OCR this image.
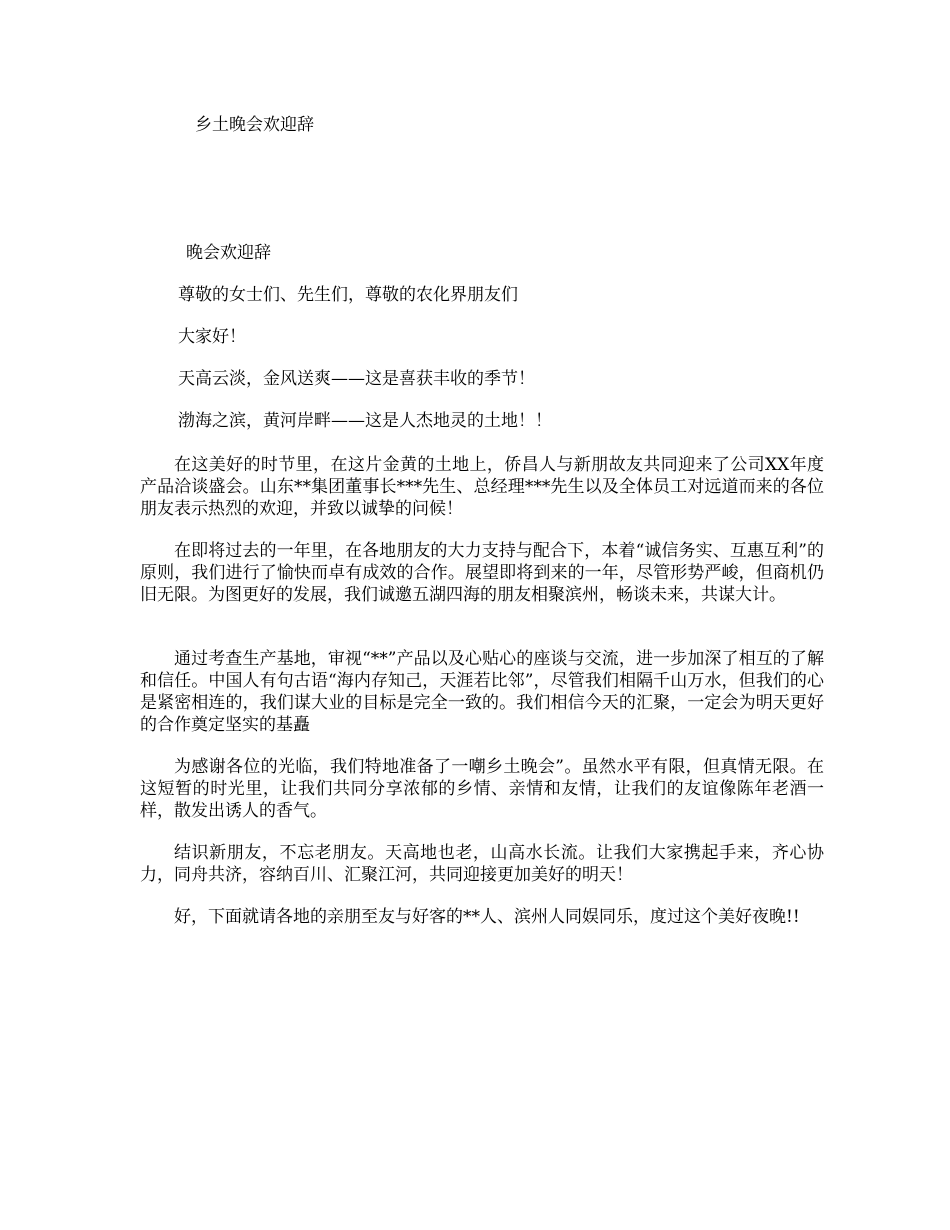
乡土晚会欢迎辞
晚会欢迎辞
尊敬的女士们、先生们，尊敬的农化界朋友们
大家好！
天高云淡，金风送爽——这是喜获丰收的季节！
渤海之滨，黄河岸畔——这是人杰地灵的土地！！
在这美好的时节里，在这片金黄的土地上，侨昌人与新朋故友共同迎来了公司XX年度产品洽谈盛会。山东**集团董事长***先生、总经理***先生以及全体员工对远道而来的各位朋友表示热烈的欢迎，并致以诚挚的问候！
在即将过去的一年里，在各地朋友的大力支持与配合下，本着“诚信务实、互惠互利”的原则，我们进行了愉快而卓有成效的合作。展望即将到来的一年，尽管形势严峻，但商机仍旧无限。为图更好的发展，我们诚邀五湖四海的朋友相聚滨州，畅谈未来，共谋大计。
通过考查生产基地，审视“**”产品以及心贴心的座谈与交流，进一步加深了相互的了解和信任。中国人有句古语“海内存知己，天涯若比邻”，尽管我们相隔千山万水，但我们的心是紧密相连的，我们谋大业的目标是完全一致的。我们相信今天的汇聚，一定会为明天更好的合作奠定坚实的基矗
为感谢各位的光临，我们特地准备了一嘲乡土晚会”。虽然水平有限，但真情无限。在这短暂的时光里，让我们共同分享浓郁的乡情、亲情和友情，让我们的友谊像陈年老酒一样，散发出诱人的香气。
结识新朋友，不忘老朋友。天高地也老，山高水长流。让我们大家携起手来，齐心协力，同舟共济，容纳百川、汇聚江河，共同迎接更加美好的明天！
好，下面就请各地的亲朋至友与好客的**人、滨州人同娱同乐，度过这个美好夜晚!!
